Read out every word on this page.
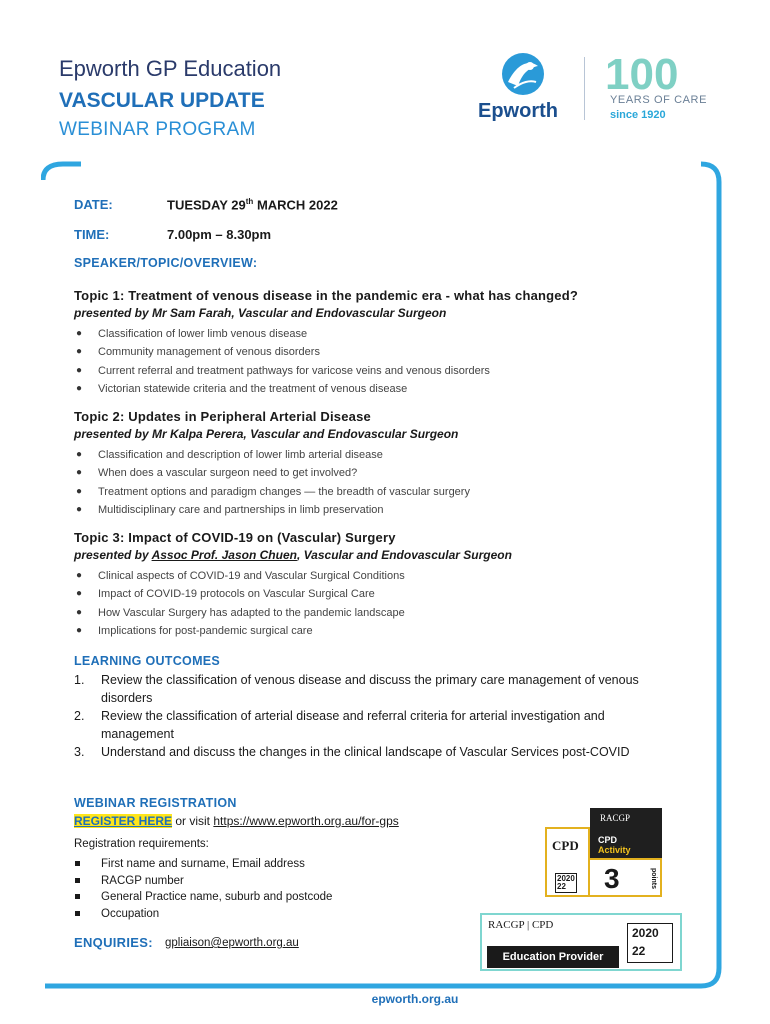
Epworth GP Education
VASCULAR UPDATE
WEBINAR PROGRAM
Epworth
100
YEARS OF CARE
since 1920
DATE:	TUESDAY 29th MARCH 2022
TIME:	7.00pm – 8.30pm
SPEAKER/TOPIC/OVERVIEW:
Topic 1: Treatment of venous disease in the pandemic era - what has changed?
presented by Mr Sam Farah, Vascular and Endovascular Surgeon
● Classification of lower limb venous disease
● Community management of venous disorders
● Current referral and treatment pathways for varicose veins and venous disorders
● Victorian statewide criteria and the treatment of venous disease
Topic 2: Updates in Peripheral Arterial Disease
presented by Mr Kalpa Perera, Vascular and Endovascular Surgeon
● Classification and description of lower limb arterial disease
● When does a vascular surgeon need to get involved?
● Treatment options and paradigm changes — the breadth of vascular surgery
● Multidisciplinary care and partnerships in limb preservation
Topic 3: Impact of COVID-19 on (Vascular) Surgery
presented by Assoc Prof. Jason Chuen, Vascular and Endovascular Surgeon
● Clinical aspects of COVID-19 and Vascular Surgical Conditions
● Impact of COVID-19 protocols on Vascular Surgical Care
● How Vascular Surgery has adapted to the pandemic landscape
● Implications for post-pandemic surgical care
LEARNING OUTCOMES
1. Review the classification of venous disease and discuss the primary care management of venous disorders
2. Review the classification of arterial disease and referral criteria for arterial investigation and management
3. Understand and discuss the changes in the clinical landscape of Vascular Services post-COVID
WEBINAR REGISTRATION
REGISTER HERE or visit https://www.epworth.org.au/for-gps
Registration requirements:
First name and surname, Email address
RACGP number
General Practice name, suburb and postcode
Occupation
ENQUIRIES: gpliaison@epworth.org.au
CPD
2020
22
RACGP
CPD
Activity
3	points
RACGP | CPD
Education Provider
2020
22
epworth.org.au
